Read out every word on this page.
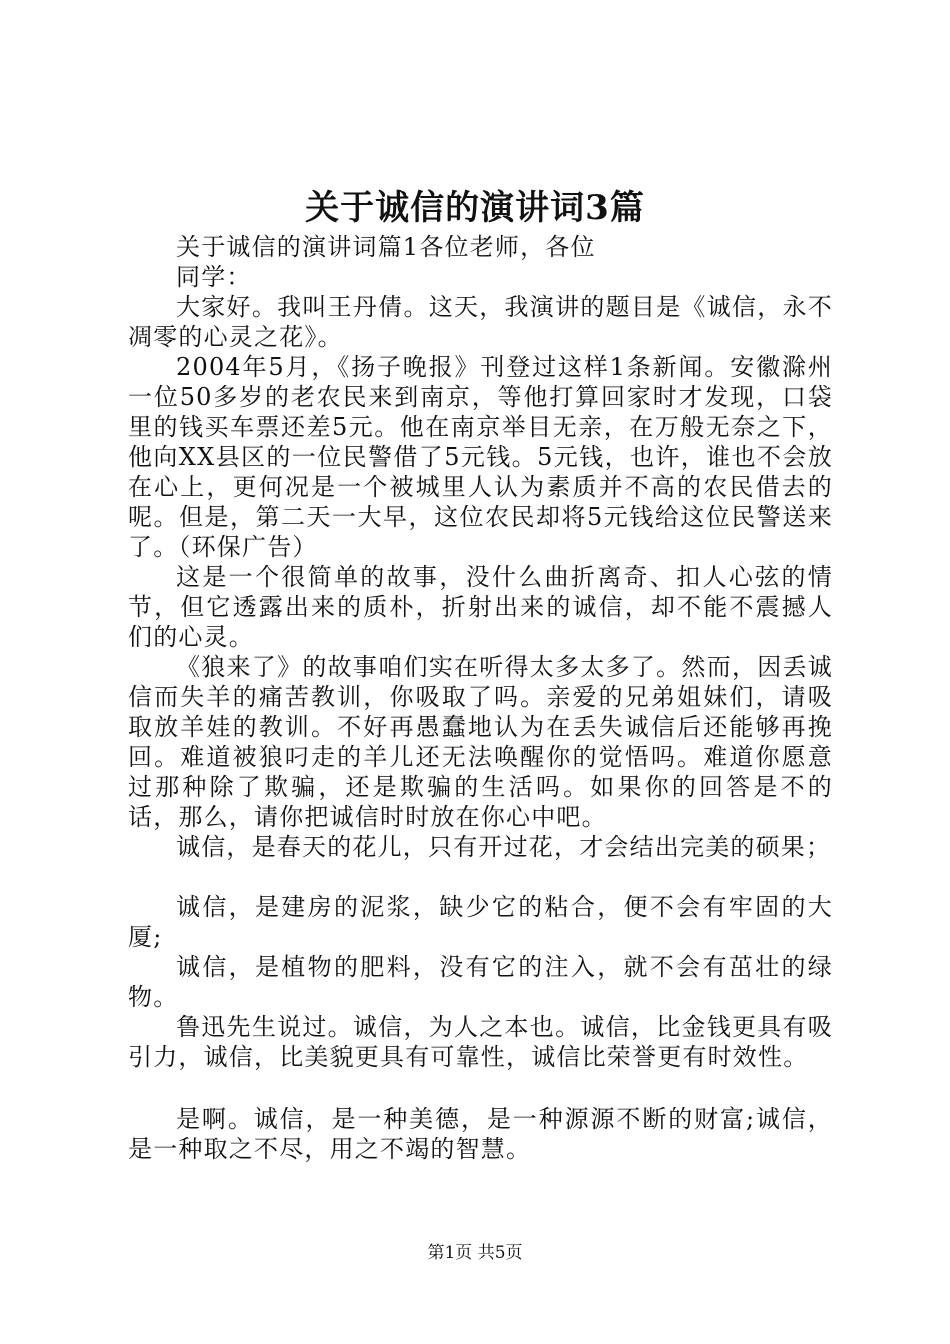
关于诚信的演讲词3篇

关于诚信的演讲词篇1各位老师，各位

同学：

大家好。我叫王丹倩。这天，我演讲的题目是《诚信，永不凋零的心灵之花》。

2004年5月，《扬子晚报》刊登过这样1条新闻。安徽滁州一位50多岁的老农民来到南京，等他打算回家时才发现，口袋里的钱买车票还差5元。他在南京举目无亲，在万般无奈之下，他向XX县区的一位民警借了5元钱。5元钱，也许，谁也不会放在心上，更何况是一个被城里人认为素质并不高的农民借去的呢。但是，第二天一大早，这位农民却将5元钱给这位民警送来了。（环保广告）

这是一个很简单的故事，没什么曲折离奇、扣人心弦的情节，但它透露出来的质朴，折射出来的诚信，却不能不震撼人们的心灵。

《狼来了》的故事咱们实在听得太多太多了。然而，因丢诚信而失羊的痛苦教训，你吸取了吗。亲爱的兄弟姐妹们，请吸取放羊娃的教训。不好再愚蠢地认为在丢失诚信后还能够再挽回。难道被狼叼走的羊儿还无法唤醒你的觉悟吗。难道你愿意过那种除了欺骗，还是欺骗的生活吗。如果你的回答是不的话，那么，请你把诚信时时放在你心中吧。

诚信，是春天的花儿，只有开过花，才会结出完美的硕果；

诚信，是建房的泥浆，缺少它的粘合，便不会有牢固的大厦;

诚信，是植物的肥料，没有它的注入，就不会有茁壮的绿物。

鲁迅先生说过。诚信，为人之本也。诚信，比金钱更具有吸引力，诚信，比美貌更具有可靠性，诚信比荣誉更有时效性。

是啊。诚信，是一种美德，是一种源源不断的财富;诚信，是一种取之不尽，用之不竭的智慧。

第1页 共5页
